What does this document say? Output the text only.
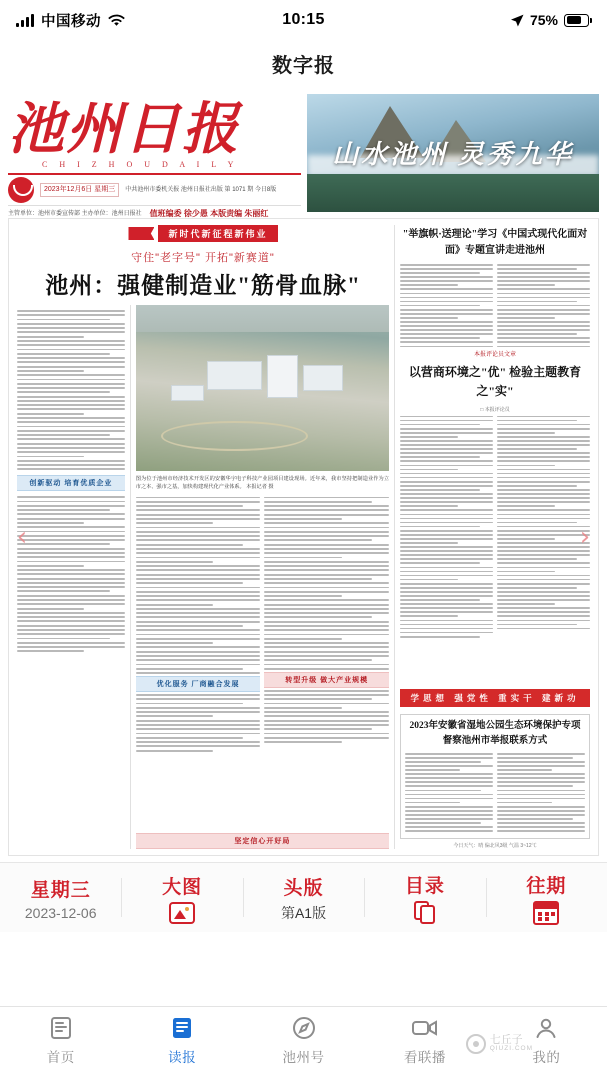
中国移动	10:15	75%
数字报
池州日报
C H I Z H O U D A I L Y
2023年12月6日 星期三	中共池州市委机关报 池州日报社出版 第 1071 期 今日8版
主管单位：池州市委宣传部 主办单位：池州日报社 值班编委 徐少愚 本版责编 朱丽红
山水池州 灵秀九华
新时代新征程新伟业
守住"老字号" 开拓"新赛道"
池州：强健制造业"筋骨血脉"
创新驱动 培育优质企业
图为位于池州市经济技术开发区的安徽华宇电子科技产业园项目建设现场。近年来，我市坚持把制造业作为立市之本、强市之基，加快构建现代化产业体系。 本报记者 摄
优化服务 厂商融合发展
转型升级 做大产业规模
坚定信心开好局
"举旗帜·送理论"学习《中国式现代化面对面》专题宣讲走进池州
本报评论员文章
以营商环境之"优" 检验主题教育之"实"
□ 本报评论员
学思想 强党性 重实干 建新功
2023年安徽省湿地公园生态环境保护专项督察池州市举报联系方式
今日天气：晴 偏北风3级 气温 3~12℃
‹	›
星期三
2023-12-06
大图	头版
第A1版
目录	往期
首页	读报	池州号	看联播	我的
七丘子
QIUZI.COM
